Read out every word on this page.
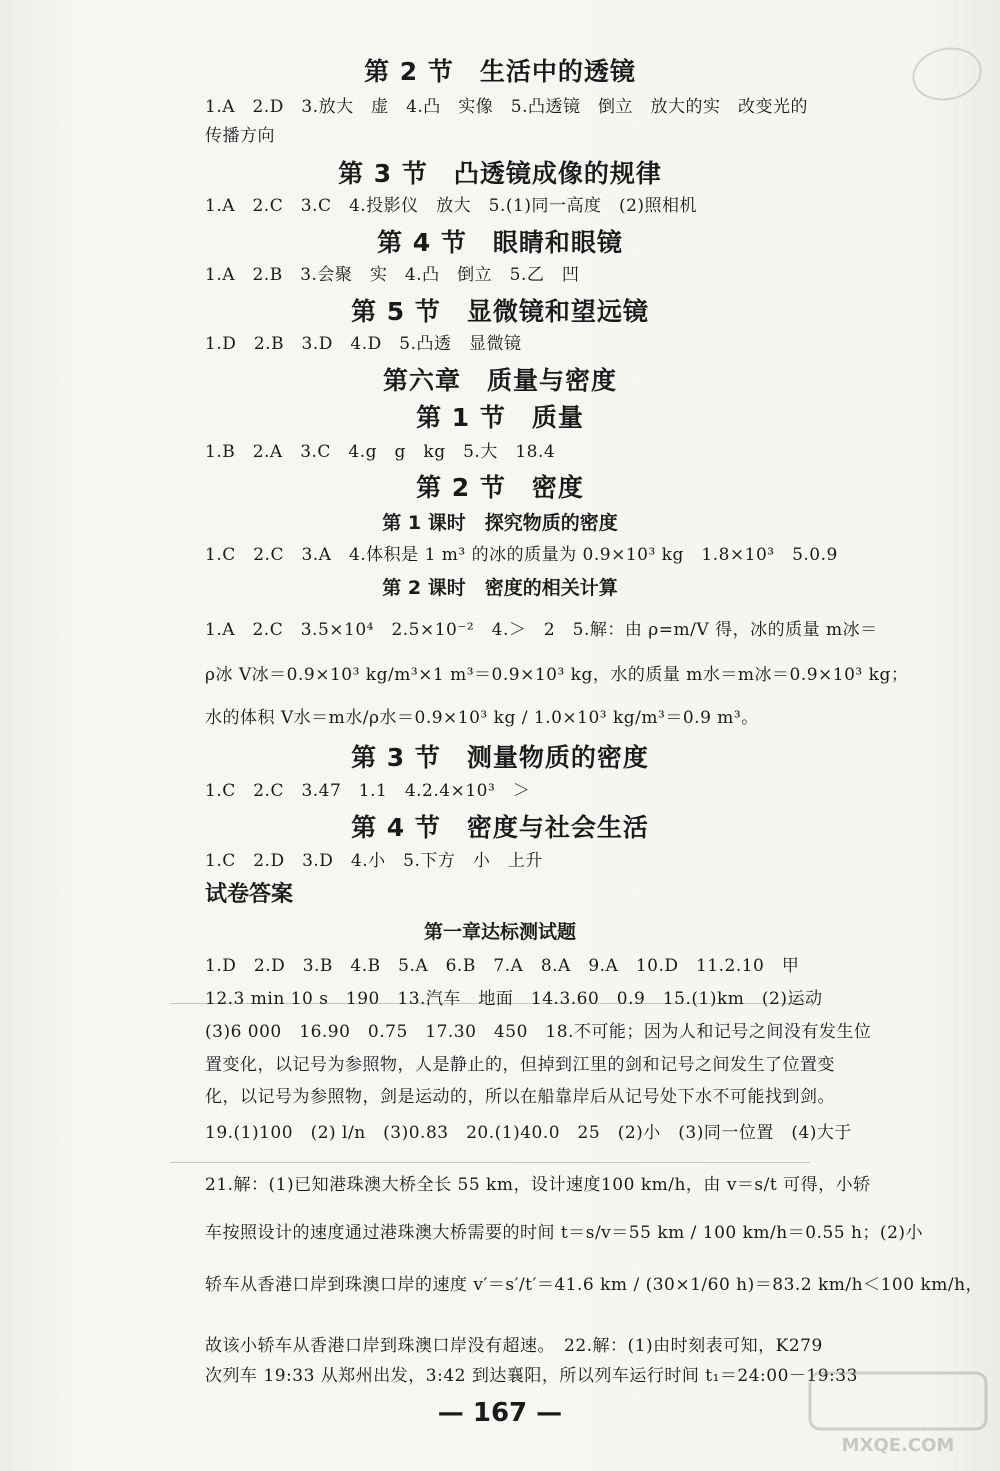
第 2 节　生活中的透镜
1.A　2.D　3.放大　虚　4.凸　实像　5.凸透镜　倒立　放大的实　改变光的
传播方向
第 3 节　凸透镜成像的规律
1.A　2.C　3.C　4.投影仪　放大　5.(1)同一高度　(2)照相机
第 4 节　眼睛和眼镜
1.A　2.B　3.会聚　实　4.凸　倒立　5.乙　凹
第 5 节　显微镜和望远镜
1.D　2.B　3.D　4.D　5.凸透　显微镜
第六章　质量与密度
第 1 节　质量
1.B　2.A　3.C　4.g　g　kg　5.大　18.4
第 2 节　密度
第 1 课时　探究物质的密度
1.C　2.C　3.A　4.体积是 1 m³ 的冰的质量为 0.9×10³ kg　1.8×10³　5.0.9
第 2 课时　密度的相关计算
1.A　2.C　3.5×10⁴　2.5×10⁻²　4.＞　2　5.解：由 ρ=m/V 得，冰的质量 m冰＝
ρ冰 V冰＝0.9×10³ kg/m³×1 m³＝0.9×10³ kg，水的质量 m水＝m冰＝0.9×10³ kg；
水的体积 V水＝m水/ρ水＝0.9×10³ kg / 1.0×10³ kg/m³＝0.9 m³。
第 3 节　测量物质的密度
1.C　2.C　3.47　1.1　4.2.4×10³　＞
第 4 节　密度与社会生活
1.C　2.D　3.D　4.小　5.下方　小　上升
试卷答案
第一章达标测试题
1.D　2.D　3.B　4.B　5.A　6.B　7.A　8.A　9.A　10.D　11.2.10　甲
12.3 min 10 s　190　13.汽车　地面　14.3.60　0.9　15.(1)km　(2)运动
(3)6 000　16.90　0.75　17.30　450　18.不可能；因为人和记号之间没有发生位
置变化，以记号为参照物，人是静止的，但掉到江里的剑和记号之间发生了位置变
化，以记号为参照物，剑是运动的，所以在船靠岸后从记号处下水不可能找到剑。
19.(1)100　(2) l/n　(3)0.83　20.(1)40.0　25　(2)小　(3)同一位置　(4)大于
21.解：(1)已知港珠澳大桥全长 55 km，设计速度100 km/h，由 v＝s/t 可得，小轿
车按照设计的速度通过港珠澳大桥需要的时间 t＝s/v＝55 km / 100 km/h＝0.55 h；(2)小
轿车从香港口岸到珠澳口岸的速度 v′＝s′/t′＝41.6 km / (30×1/60 h)＝83.2 km/h＜100 km/h，
故该小轿车从香港口岸到珠澳口岸没有超速。　22.解：(1)由时刻表可知，K279
次列车 19:33 从郑州出发，3:42 到达襄阳，所以列车运行时间 t₁＝24:00－19:33
— 167 —
MXQE.COM
